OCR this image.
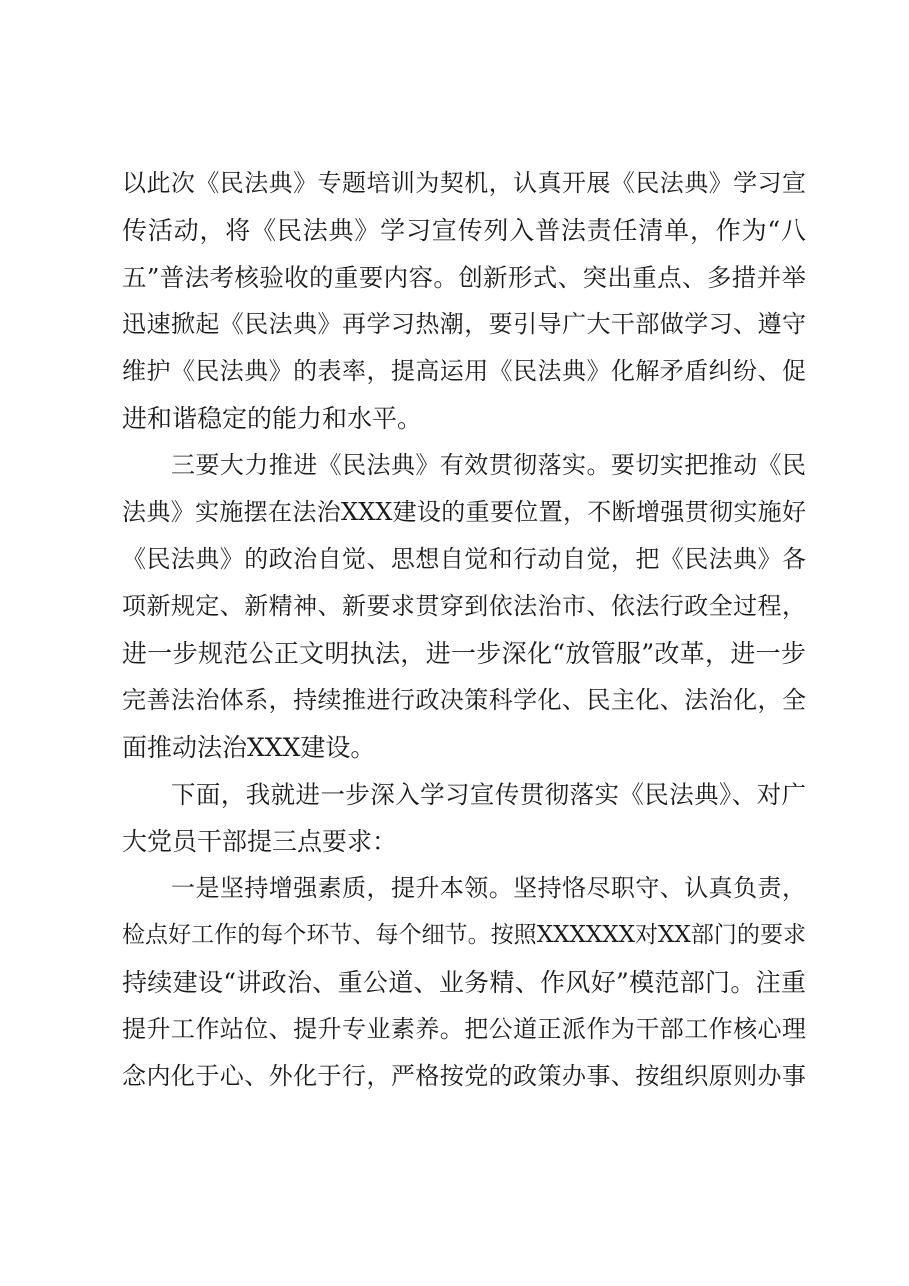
以此次《民法典》专题培训为契机，认真开展《民法典》学习宣
传活动，将《民法典》学习宣传列入普法责任清单，作为“八
五”普法考核验收的重要内容。创新形式、突出重点、多措并举
迅速掀起《民法典》再学习热潮，要引导广大干部做学习、遵守
维护《民法典》的表率，提高运用《民法典》化解矛盾纠纷、促
进和谐稳定的能力和水平。
三要大力推进《民法典》有效贯彻落实。要切实把推动《民
法典》实施摆在法治XXX建设的重要位置，不断增强贯彻实施好
《民法典》的政治自觉、思想自觉和行动自觉，把《民法典》各
项新规定、新精神、新要求贯穿到依法治市、依法行政全过程，
进一步规范公正文明执法，进一步深化“放管服”改革，进一步
完善法治体系，持续推进行政决策科学化、民主化、法治化，全
面推动法治XXX建设。
下面，我就进一步深入学习宣传贯彻落实《民法典》、对广
大党员干部提三点要求：
一是坚持增强素质，提升本领。坚持恪尽职守、认真负责，
检点好工作的每个环节、每个细节。按照XXXXXX对XX部门的要求
持续建设“讲政治、重公道、业务精、作风好”模范部门。注重
提升工作站位、提升专业素养。把公道正派作为干部工作核心理
念内化于心、外化于行，严格按党的政策办事、按组织原则办事
